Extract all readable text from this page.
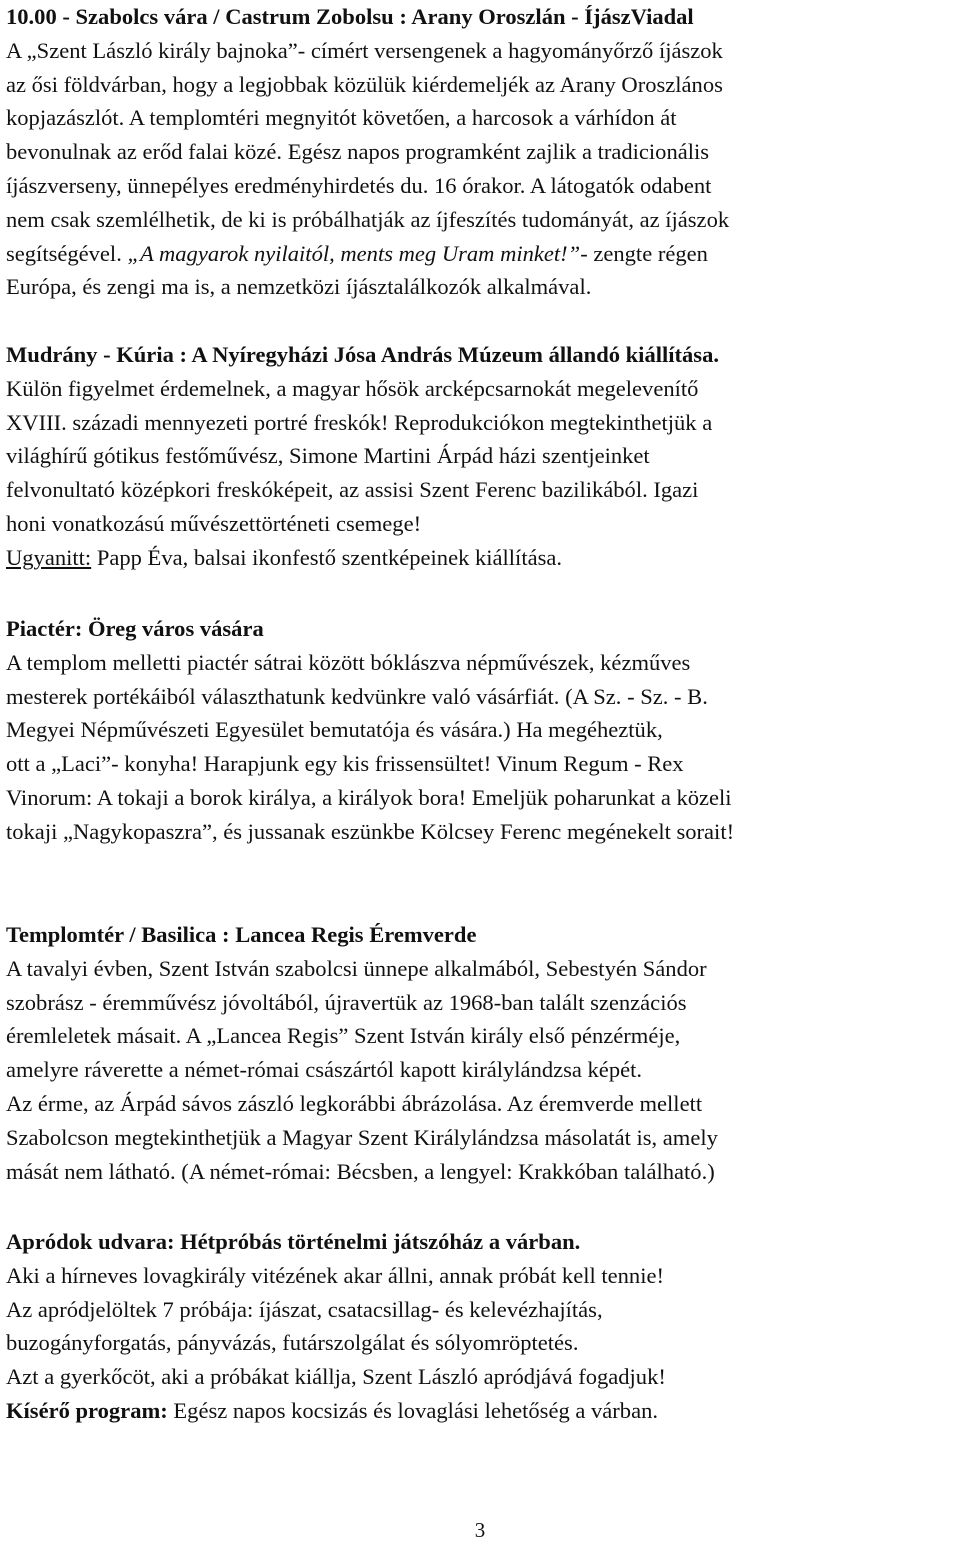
10.00 - Szabolcs vára / Castrum Zobolsu : Arany Oroszlán - ÍjászViadal
A „Szent László király bajnoka”- címért versengenek a hagyományőrző íjászok
az ősi földvárban, hogy a legjobbak közülük kiérdemeljék az Arany Oroszlános
kopjazászlót. A templomtéri megnyitót követően, a harcosok a várhídon át
bevonulnak az erőd falai közé. Egész napos programként zajlik a tradicionális
íjászverseny, ünnepélyes eredményhirdetés du. 16 órakor. A látogatók odabent
nem csak szemlélhetik, de ki is próbálhatják az íjfeszítés tudományát, az íjászok
segítségével. „A magyarok nyilaitól, ments meg Uram minket!”- zengte régen
Európa, és zengi ma is, a nemzetközi íjásztalálkozók alkalmával.
Mudrány - Kúria : A Nyíregyházi Jósa András Múzeum állandó kiállítása.
Külön figyelmet érdemelnek, a magyar hősök arcképcsarnokát megelevenítő
XVIII. századi mennyezeti portré freskók! Reprodukciókon megtekinthetjük a
világhírű gótikus festőművész, Simone Martini Árpád házi szentjeinket
felvonultató középkori freskóképeit, az assisi Szent Ferenc bazilikából. Igazi
honi vonatkozású művészettörténeti csemege!
Ugyanitt: Papp Éva, balsai ikonfestő szentképeinek kiállítása.
Piactér: Öreg város vására
A templom melletti piactér sátrai között bóklászva népművészek, kézműves
mesterek portékáiból választhatunk kedvünkre való vásárfiát. (A Sz. - Sz. - B.
Megyei Népművészeti Egyesület bemutatója és vására.) Ha megéheztük,
ott a „Laci”- konyha! Harapjunk egy kis frissensültet! Vinum Regum - Rex
Vinorum: A tokaji a borok királya, a királyok bora! Emeljük poharunkat a közeli
tokaji „Nagykopaszra”, és jussanak eszünkbe Kölcsey Ferenc megénekelt sorait!
Templomtér / Basilica : Lancea Regis Éremverde
A tavalyi évben, Szent István szabolcsi ünnepe alkalmából, Sebestyén Sándor
szobrász - éremművész jóvoltából, újravertük az 1968-ban talált szenzációs
éremleletek másait. A „Lancea Regis” Szent István király első pénzérméje,
amelyre ráverette a német-római császártól kapott királylándzsa képét.
Az érme, az Árpád sávos zászló legkorábbi ábrázolása. Az éremverde mellett
Szabolcson megtekinthetjük a Magyar Szent Királylándzsa másolatát is, amely
mását nem látható. (A német-római: Bécsben, a lengyel: Krakkóban található.)
Apródok udvara: Hétpróbás történelmi játszóház a várban.
Aki a hírneves lovagkirály vitézének akar állni, annak próbát kell tennie!
Az apródjelöltek 7 próbája: íjászat, csatacsillag- és kelevézhajítás,
buzogányforgatás, pányvázás, futárszolgálat és sólyomröptetés.
Azt a gyerkőcöt, aki a próbákat kiállja, Szent László apródjává fogadjuk!
Kísérő program: Egész napos kocsizás és lovaglási lehetőség a várban.
3
